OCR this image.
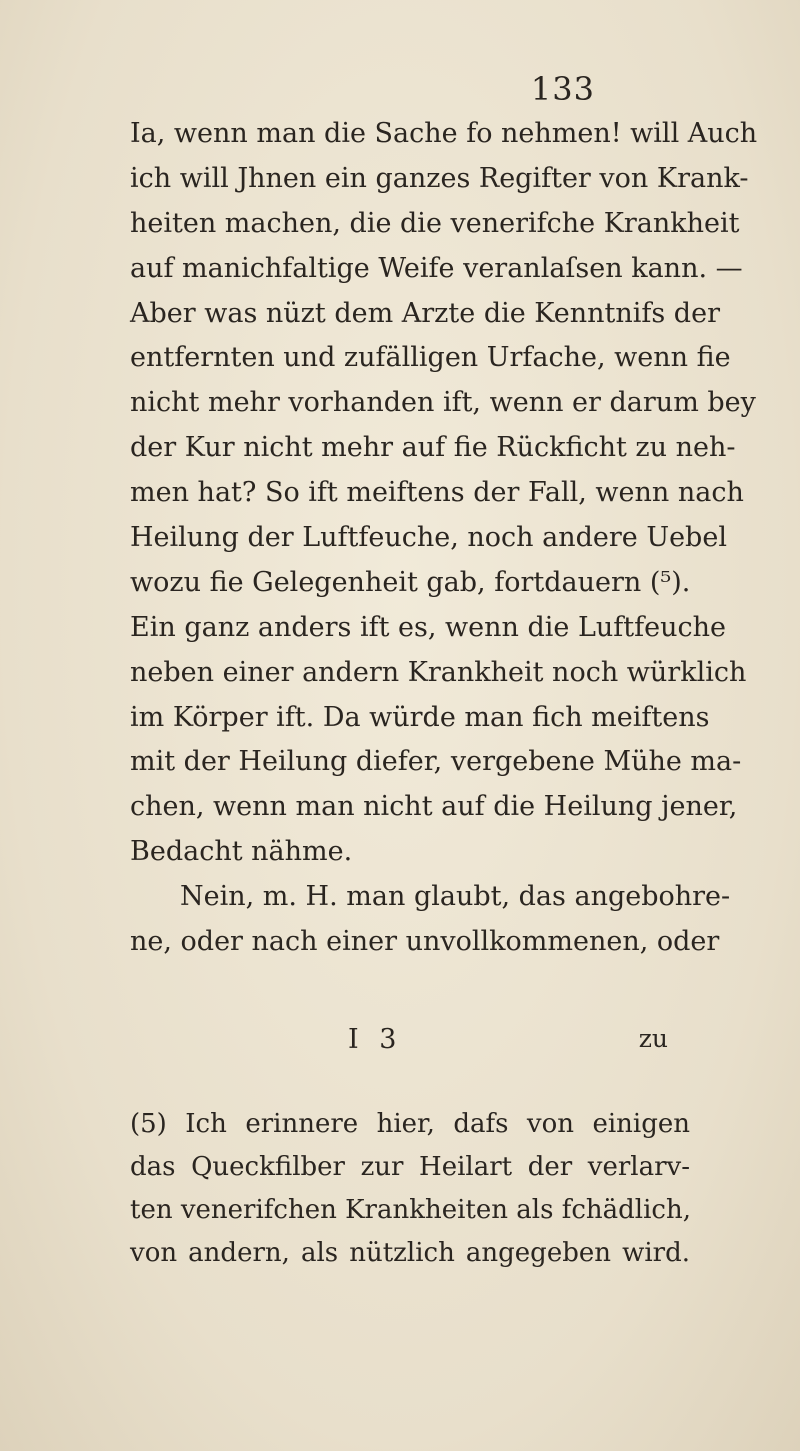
133
Ia, wenn man die Sache fo nehmen! will Auch
ich will Jhnen ein ganzes Regifter von Krank-
heiten machen, die die venerifche Krankheit
auf manichfaltige Weife veranlaſsen kann. —
Aber was nüzt dem Arzte die Kenntnifs der
entfernten und zufälligen Urfache, wenn fie
nicht mehr vorhanden ift, wenn er darum bey
der Kur nicht mehr auf fie Rückficht zu neh-
men hat? So ift meiftens der Fall, wenn nach
Heilung der Luftfeuche, noch andere Uebel
wozu fie Gelegenheit gab, fortdauern (⁵).
Ein ganz anders ift es, wenn die Luftfeuche
neben einer andern Krankheit noch würklich
im Körper ift. Da würde man fich meiftens
mit der Heilung diefer, vergebene Mühe ma-
chen, wenn man nicht auf die Heilung jener,
Bedacht nähme.
Nein, m. H. man glaubt, das angebohre-
ne, oder nach einer unvollkommenen, oder
I 3	zu
(5) Ich erinnere hier, dafs von einigen
das Queckfilber zur Heilart der verlarv-
ten venerifchen Krankheiten als fchädlich,
von andern, als nützlich angegeben wird.
